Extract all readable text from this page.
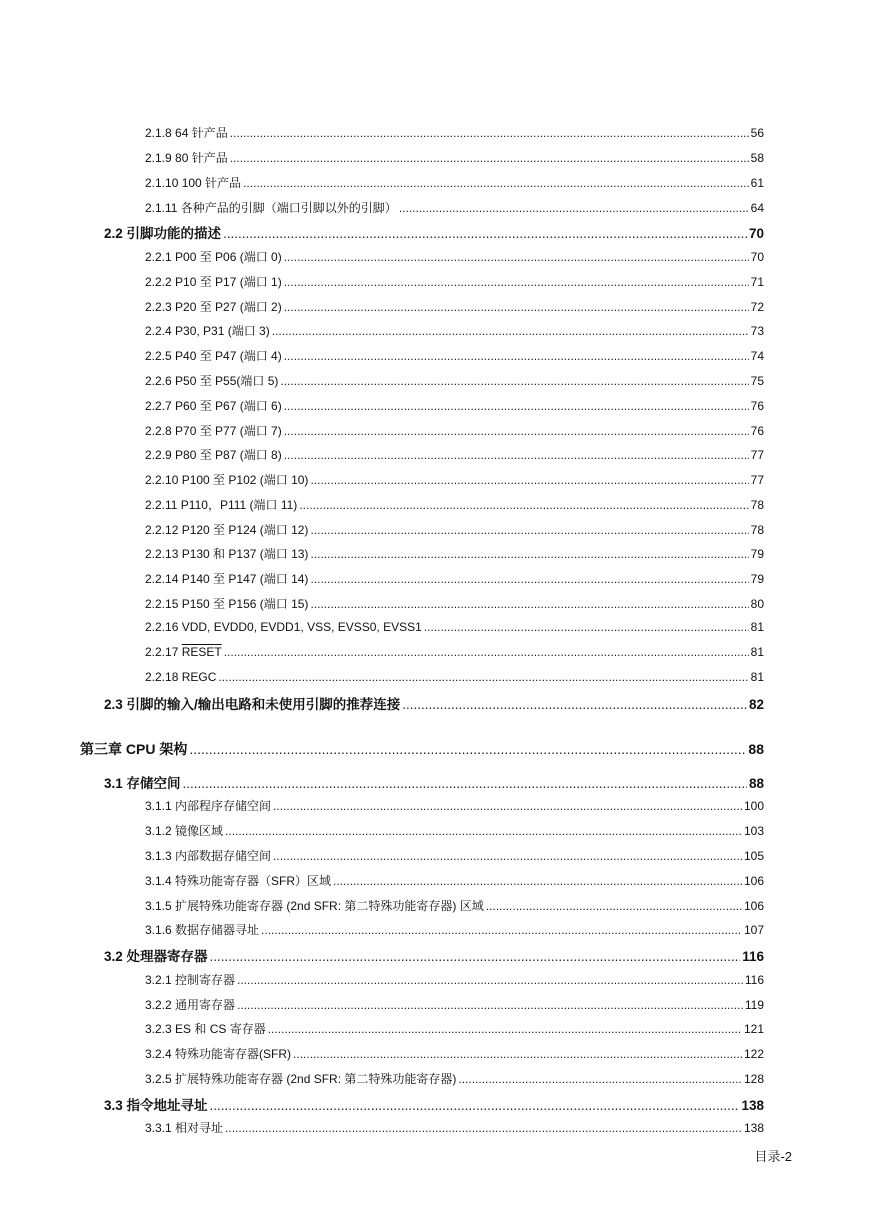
2.1.8 64 针产品 .....	56
2.1.9 80 针产品 .....	58
2.1.10 100 针产品 .....	61
2.1.11 各种产品的引脚（端口引脚以外的引脚） .....	64
2.2 引脚功能的描述 .....	70
2.2.1 P00 至 P06 (端口 0) .....	70
2.2.2 P10 至 P17 (端口 1) .....	71
2.2.3 P20 至 P27 (端口 2) .....	72
2.2.4 P30, P31 (端口 3) .....	73
2.2.5 P40 至 P47 (端口 4) .....	74
2.2.6 P50 至 P55(端口 5) .....	75
2.2.7 P60 至 P67 (端口 6) .....	76
2.2.8 P70 至 P77 (端口 7) .....	76
2.2.9 P80 至 P87 (端口 8) .....	77
2.2.10 P100 至 P102 (端口 10) .....	77
2.2.11 P110，P111 (端口 11) .....	78
2.2.12 P120 至 P124 (端口 12) .....	78
2.2.13 P130 和 P137 (端口 13) .....	79
2.2.14 P140 至 P147 (端口 14) .....	79
2.2.15 P150 至 P156 (端口 15) .....	80
2.2.16 VDD, EVDD0, EVDD1, VSS, EVSS0, EVSS1 .....	81
2.2.17 RESET .....	81
2.2.18 REGC .....	81
2.3 引脚的输入/输出电路和未使用引脚的推荐连接 .....	82
第三章 CPU 架构 .....	88
3.1 存储空间 .....	88
3.1.1 内部程序存储空间 .....	100
3.1.2 镜像区域 .....	103
3.1.3 内部数据存储空间 .....	105
3.1.4 特殊功能寄存器（SFR）区域 .....	106
3.1.5 扩展特殊功能寄存器 (2nd SFR: 第二特殊功能寄存器) 区域 .....	106
3.1.6 数据存储器寻址 .....	107
3.2 处理器寄存器 .....	116
3.2.1 控制寄存器 .....	116
3.2.2 通用寄存器 .....	119
3.2.3 ES 和 CS 寄存器 .....	121
3.2.4 特殊功能寄存器(SFR) .....	122
3.2.5 扩展特殊功能寄存器 (2nd SFR: 第二特殊功能寄存器) .....	128
3.3 指令地址寻址 .....	138
3.3.1 相对寻址 .....	138
目录-2
